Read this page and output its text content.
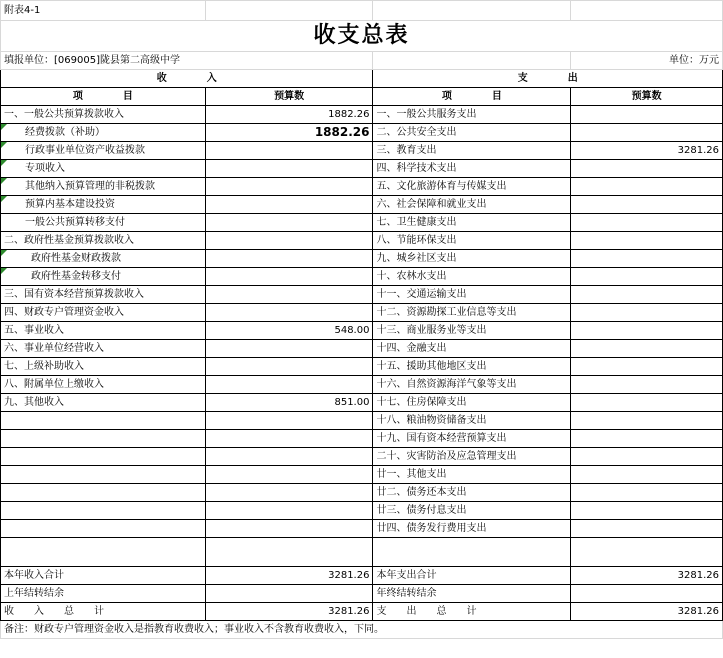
附表4-1			
收支总表			
填报单位：[069005]陇县第二高级中学			单位：万元
收　　　　入		支　　　　出	
项　　　　目	预算数	项　　　　目	预算数
一、一般公共预算拨款收入	1882.26	一、一般公共服务支出	
经费拨款（补助）	1882.26	二、公共安全支出	
行政事业单位资产收益拨款		三、教育支出	3281.26
专项收入		四、科学技术支出	
其他纳入预算管理的非税拨款		五、文化旅游体育与传媒支出	
预算内基本建设投资		六、社会保障和就业支出	
一般公共预算转移支付		七、卫生健康支出	
二、政府性基金预算拨款收入		八、节能环保支出	
政府性基金财政拨款		九、城乡社区支出	
政府性基金转移支付		十、农林水支出	
三、国有资本经营预算拨款收入		十一、交通运输支出	
四、财政专户管理资金收入		十二、资源勘探工业信息等支出	
五、事业收入	548.00	十三、商业服务业等支出	
六、事业单位经营收入		十四、金融支出	
七、上级补助收入		十五、援助其他地区支出	
八、附属单位上缴收入		十六、自然资源海洋气象等支出	
九、其他收入	851.00	十七、住房保障支出	
		十八、粮油物资储备支出	
		十九、国有资本经营预算支出	
		二十、灾害防治及应急管理支出	
		廿一、其他支出	
		廿二、债务还本支出	
		廿三、债务付息支出	
		廿四、债务发行费用支出	

本年收入合计	3281.26	本年支出合计	3281.26
上年结转结余		年终结转结余	
收　　入　　总　　计	3281.26	支　　出　　总　　计	3281.26
备注：财政专户管理资金收入是指教育收费收入；事业收入不含教育收费收入，下同。			
